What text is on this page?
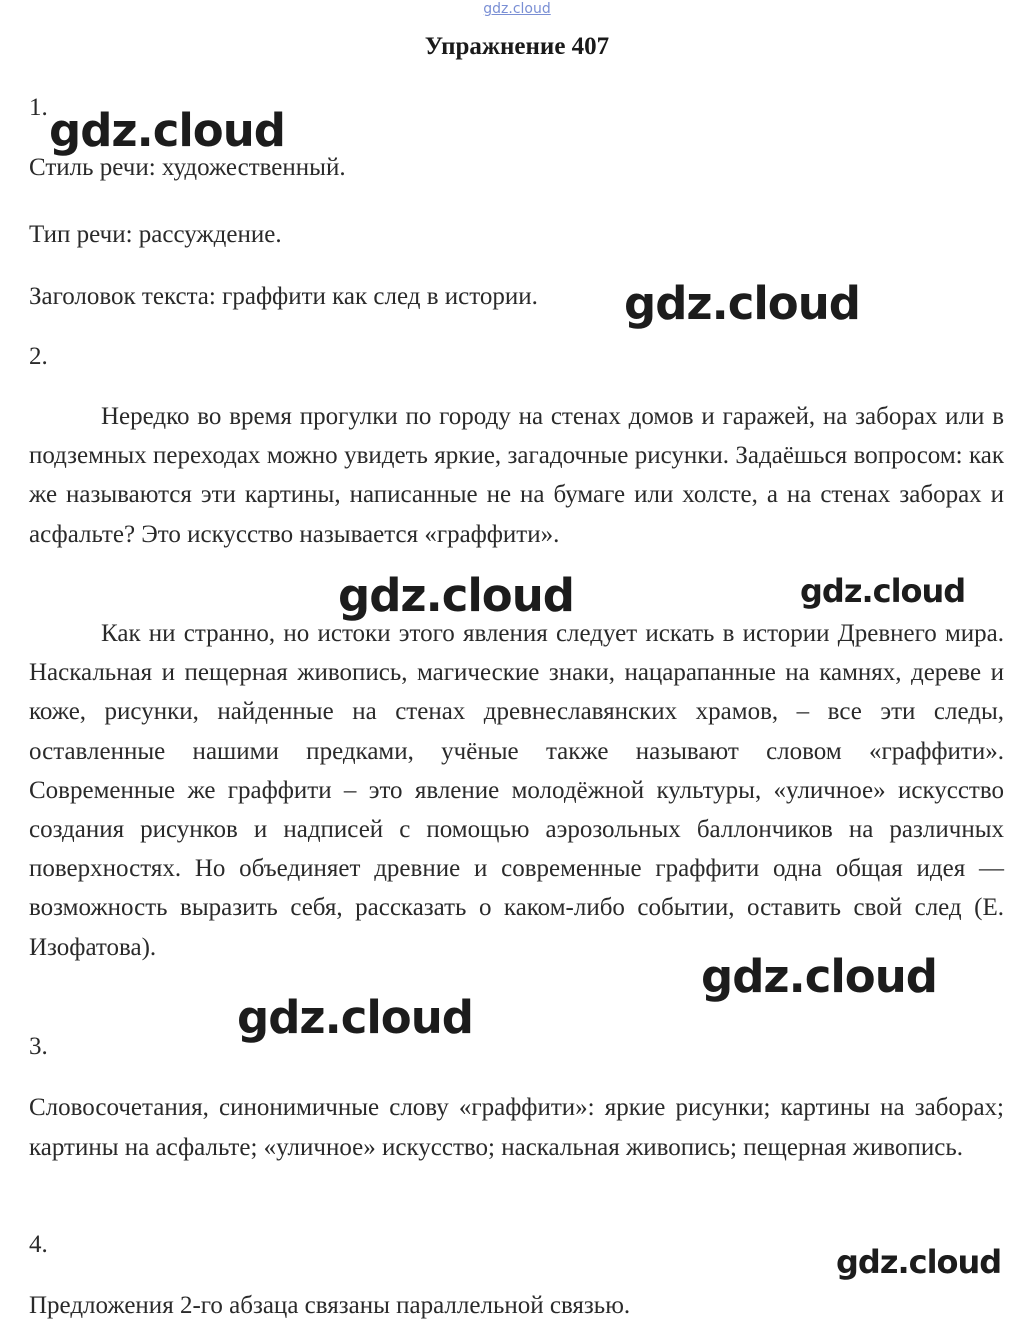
gdz.cloud
Упражнение 407
1.
Стиль речи: художественный.
Тип речи: рассуждение.
Заголовок текста: граффити как след в истории.
2.

Нередко во время прогулки по городу на стенах домов и гаражей, на заборах или в подземных переходах можно увидеть яркие, загадочные рисунки. Задаёшься вопросом: как же называются эти картины, написанные не на бумаге или холсте, а на стенах заборах и асфальте? Это искусство называется «граффити».

Как ни странно, но истоки этого явления следует искать в истории Древнего мира. Наскальная и пещерная живопись, магические знаки, нацарапанные на камнях, дереве и коже, рисунки, найденные на стенах древнеславянских храмов, – все эти следы, оставленные нашими предками, учёные также называют словом «граффити». Современные же граффити – это явление молодёжной культуры, «уличное» искусство создания рисунков и надписей с помощью аэрозольных баллончиков на различных поверхностях. Но объединяет древние и современные граффити одна общая идея — возможность выразить себя, рассказать о каком-либо событии, оставить свой след (Е. Изофатова).

3.

Словосочетания, синонимичные слову «граффити»: яркие рисунки; картины на заборах; картины на асфальте; «уличное» искусство; наскальная живопись; пещерная живопись.

4.
Предложения 2-го абзаца связаны параллельной связью.
gdz.cloud
gdz.cloud
gdz.cloud	gdz.cloud
gdz.cloud
gdz.cloud
gdz.cloud
